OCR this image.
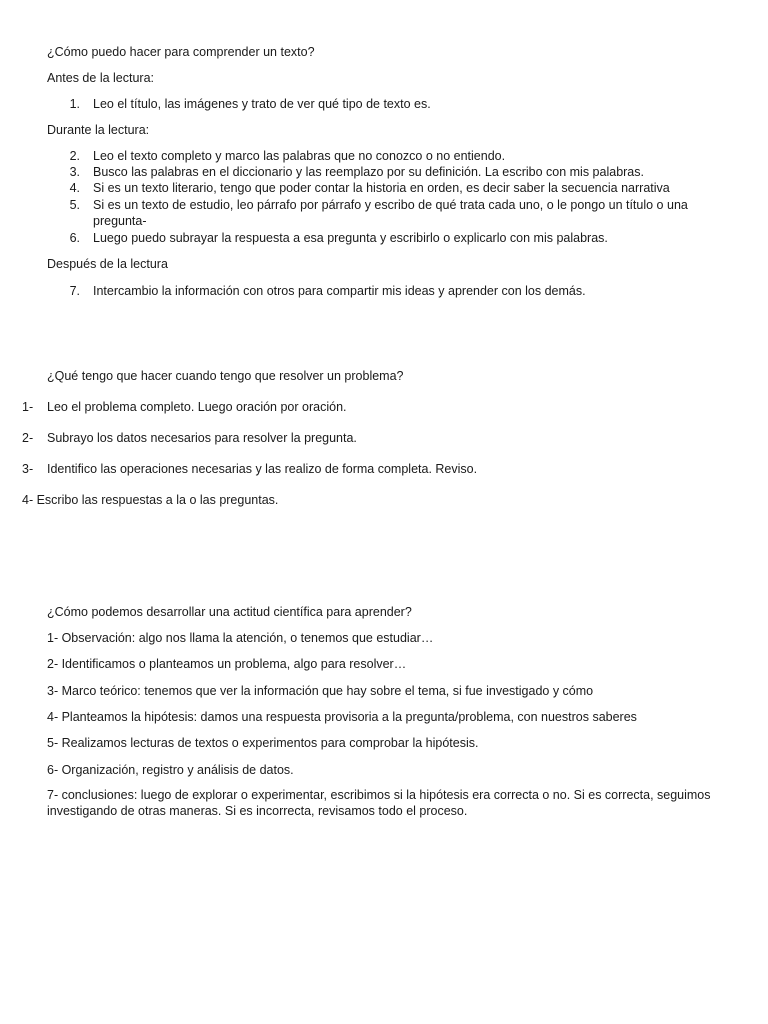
¿Cómo puedo hacer para comprender un texto?
Antes de la lectura:
1. Leo el título, las imágenes y trato de ver qué tipo de texto es.
Durante la lectura:
2. Leo el texto completo y marco las palabras que no conozco o no entiendo.
3. Busco las palabras en el diccionario y las reemplazo por su definición. La escribo con mis palabras.
4. Si es un texto literario, tengo que poder contar la historia en orden, es decir saber la secuencia narrativa
5. Si es un texto de estudio, leo párrafo por párrafo y escribo de qué trata cada uno, o le pongo un título o una pregunta-
6. Luego puedo subrayar la respuesta a esa pregunta y escribirlo o explicarlo con mis palabras.
Después de la lectura
7. Intercambio la información con otros para compartir mis ideas y aprender con los demás.
¿Qué tengo que hacer cuando tengo que resolver un problema?
1- Leo el problema completo. Luego oración por oración.
2- Subrayo los datos necesarios para resolver la pregunta.
3- Identifico las operaciones necesarias y las realizo de forma completa. Reviso.
4- Escribo las respuestas a la o las preguntas.
¿Cómo podemos desarrollar una actitud científica para aprender?
1- Observación: algo nos llama la atención, o tenemos que estudiar…
2- Identificamos o planteamos un problema, algo para resolver…
3- Marco teórico: tenemos que ver la información que hay sobre el tema, si fue investigado y cómo
4- Planteamos la hipótesis: damos una respuesta provisoria a la pregunta/problema, con nuestros saberes
5- Realizamos lecturas de textos o experimentos para comprobar la hipótesis.
6- Organización, registro y análisis de datos.
7- conclusiones: luego de explorar o experimentar, escribimos si la hipótesis era correcta o no. Si es correcta, seguimos investigando de otras maneras. Si es incorrecta, revisamos todo el proceso.
